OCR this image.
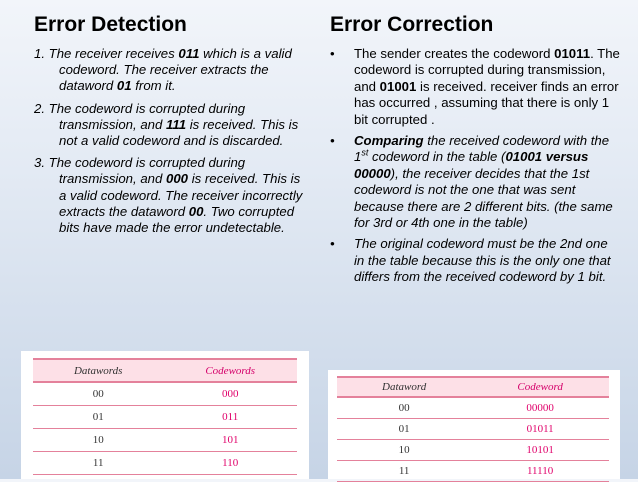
Error Detection	Error Correction

1. The receiver receives 011 which is a valid codeword. The receiver extracts the dataword 01 from it.

2. The codeword is corrupted during transmission, and 111 is received. This is not a valid codeword and is discarded.

3. The codeword is corrupted during transmission, and 000 is received. This is a valid codeword. The receiver incorrectly extracts the dataword 00. Two corrupted bits have made the error undetectable.

• The sender creates the codeword 01011. The codeword is corrupted during transmission, and 01001 is received. receiver finds an error has occurred , assuming that there is only 1 bit corrupted .

• Comparing the received codeword with the 1st codeword in the table (01001 versus 00000), the receiver decides that the 1st codeword is not the one that was sent because there are 2 different bits. (the same for 3rd or 4th one in the table)

• The original codeword must be the 2nd one in the table because this is the only one that differs from the received codeword by 1 bit.

Datawords	Codewords
00	000
01	011
10	101
11	110
Dataword	Codeword
00	00000
01	01011
10	10101
11	11110
